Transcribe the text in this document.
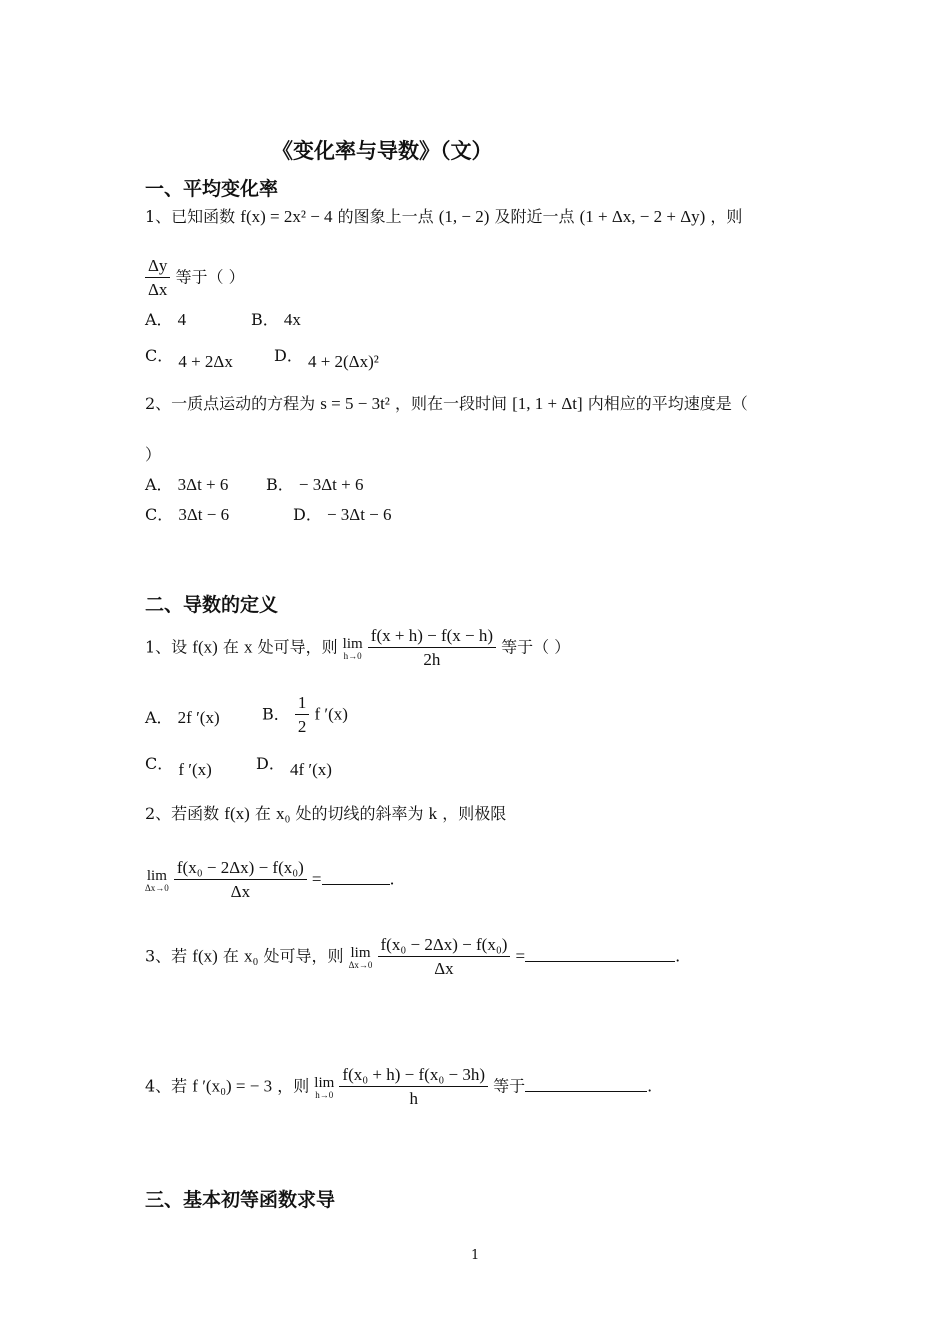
《变化率与导数》（文）
一、平均变化率
1、已知函数 f(x) = 2x² − 4 的图象上一点 (1, − 2) 及附近一点 (1 + Δx, − 2 + Δy) ，则
$\frac{\Delta y}{\Delta x}$ 等于（ ）
A． 4	B． 4x
C． 4 + 2Δx	D． 4 + 2(Δx)²
2、一质点运动的方程为 s = 5 − 3t² ，则在一段时间 [1, 1 + Δt] 内相应的平均速度是（
）
A． 3Δt + 6 B． − 3Δt + 6
C． 3Δt − 6	D． − 3Δt − 6
二、导数的定义
1、设 f(x) 在 x 处可导，则 lim
h→0
$\frac{f(x + h) - f(x - h)}{2h}$ 等于（ ）
A． 2f ′(x)	B． $\frac{1}{2}$ f ′(x)
C． f ′(x)	D． 4f ′(x)
2、若函数 f(x) 在 x₀ 处的切线的斜率为 k ，则极限
lim
Δx→0
$\frac{\text{f(x₀ − 2Δx) − f(x₀)}}{\Delta x}$ =	.
3、若 f(x) 在 x₀ 处可导，则 lim
Δx→0
$\frac{\text{f(x₀ − 2Δx) − f(x₀)}}{\Delta x}$ =	.
4、若 f ′(x₀) = − 3 ，则 lim
h→0
$\frac{\text{f(x₀ + h) − f(x₀ − 3h)}}{h}$ 等于	.
三、基本初等函数求导
1
